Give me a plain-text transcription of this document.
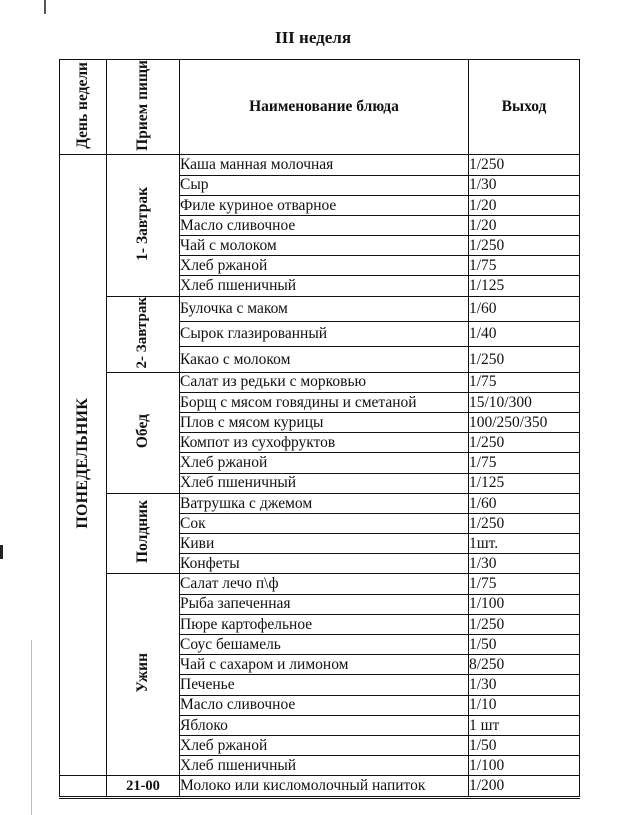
III неделя
День недели	Прием пищи	Наименование блюда	Выход
ПОНЕДЕЛЬНИК	1- Завтрак	Каша манная молочная	1/250
		Сыр	1/30
		Филе куриное отварное	1/20
		Масло сливочное	1/20
		Чай с молоком	1/250
		Хлеб ржаной	1/75
		Хлеб пшеничный	1/125
	2- Завтрак	Булочка с маком	1/60
		Сырок глазированный	1/40
		Какао с молоком	1/250
	Обед	Салат из редьки с морковью	1/75
		Борщ с мясом говядины и сметаной	15/10/300
		Плов с мясом курицы	100/250/350
		Компот из сухофруктов	1/250
		Хлеб ржаной	1/75
		Хлеб пшеничный	1/125
	Полдник	Ватрушка с джемом	1/60
		Сок	1/250
		Киви	1шт.
		Конфеты	1/30
	Ужин	Салат лечо п\ф	1/75
		Рыба запеченная	1/100
		Пюре картофельное	1/250
		Соус бешамель	1/50
		Чай с сахаром и лимоном	8/250
		Печенье	1/30
		Масло сливочное	1/10
		Яблоко	1 шт
		Хлеб ржаной	1/50
		Хлеб пшеничный	1/100
	21-00	Молоко или кисломолочный напиток	1/200
